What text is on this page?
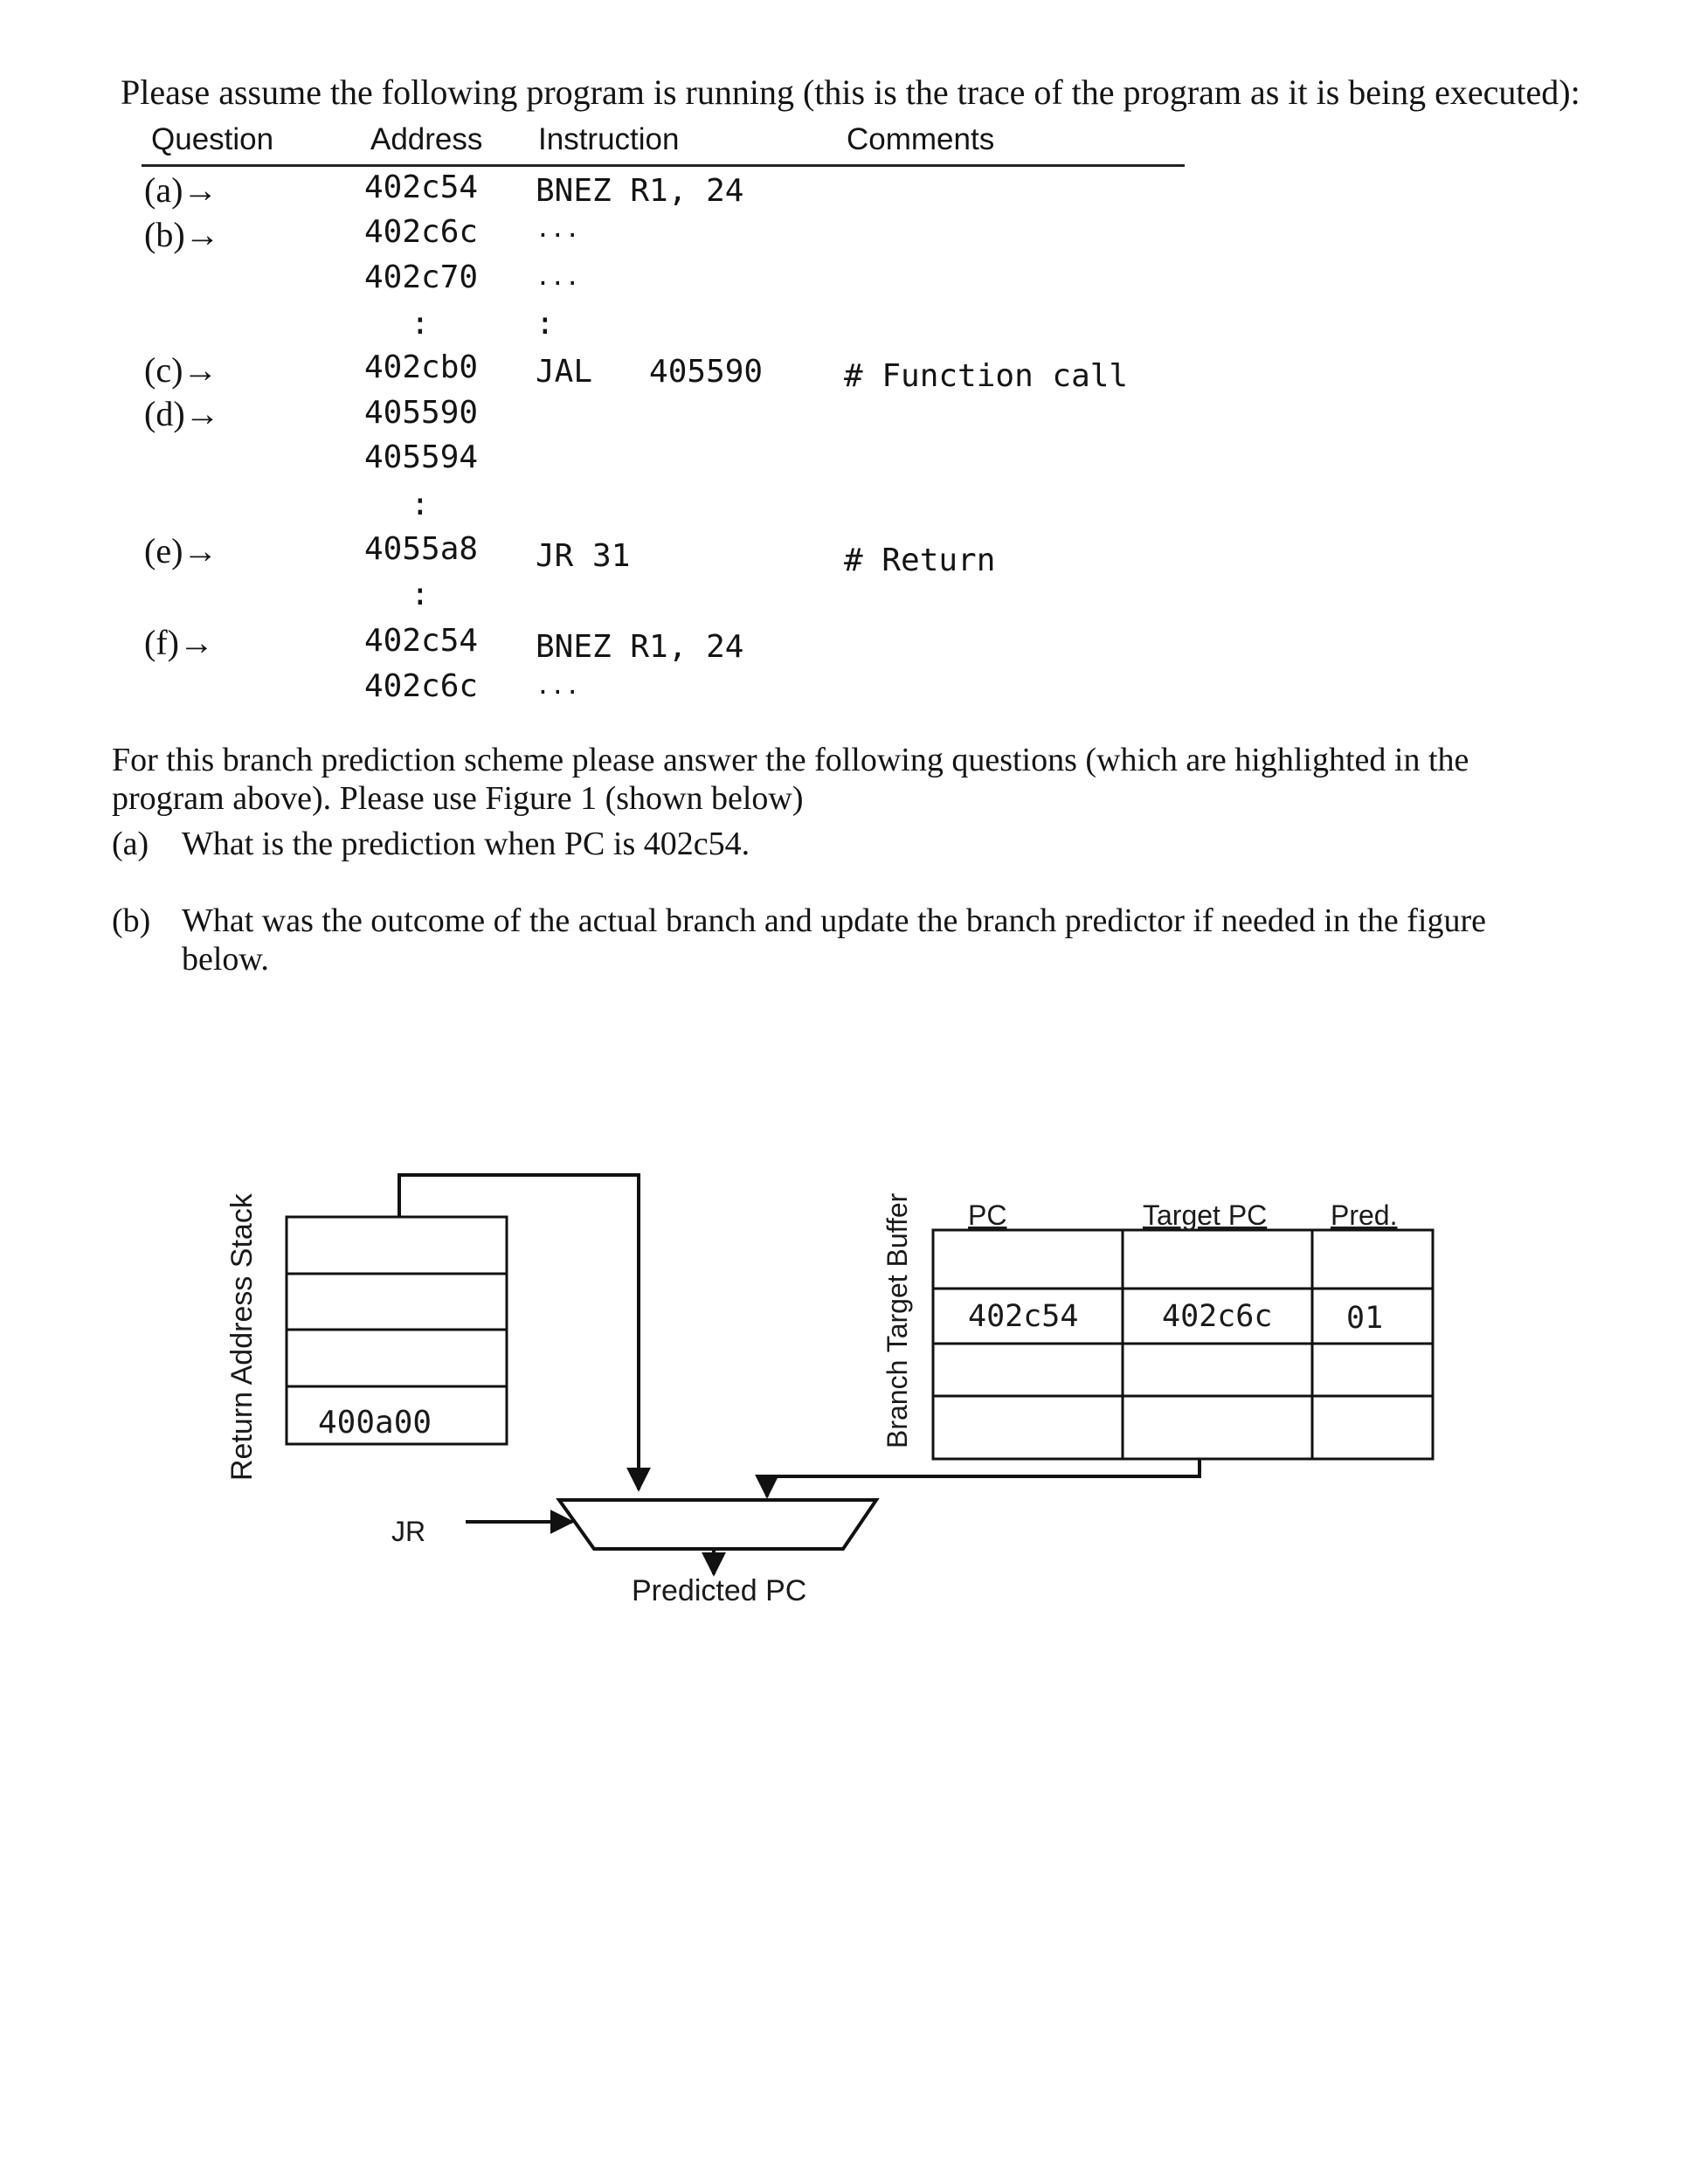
Please assume the following program is running (this is the trace of the program as it is being executed):
Question	Address Instruction	Comments
(a)→	402c54 BNEZ R1, 24
(b)→	402c6c ...
402c70 ...
:	:
(c)→	402cb0 JAL   405590	# Function call
(d)→	405590
405594
:
(e)→	4055a8 JR 31	# Return
:
(f)→	402c54 BNEZ R1, 24
402c6c ...
For this branch prediction scheme please answer the following questions (which are highlighted in the program above). Please use Figure 1 (shown below)
(a) What is the prediction when PC is 402c54.
(b) What was the outcome of the actual branch and update the branch predictor if needed in the figure below.
Return Address Stack 400a00
JR
Predicted PC
Branch Target Buffer PC	Target PC Pred.
402c54	402c6c 01
